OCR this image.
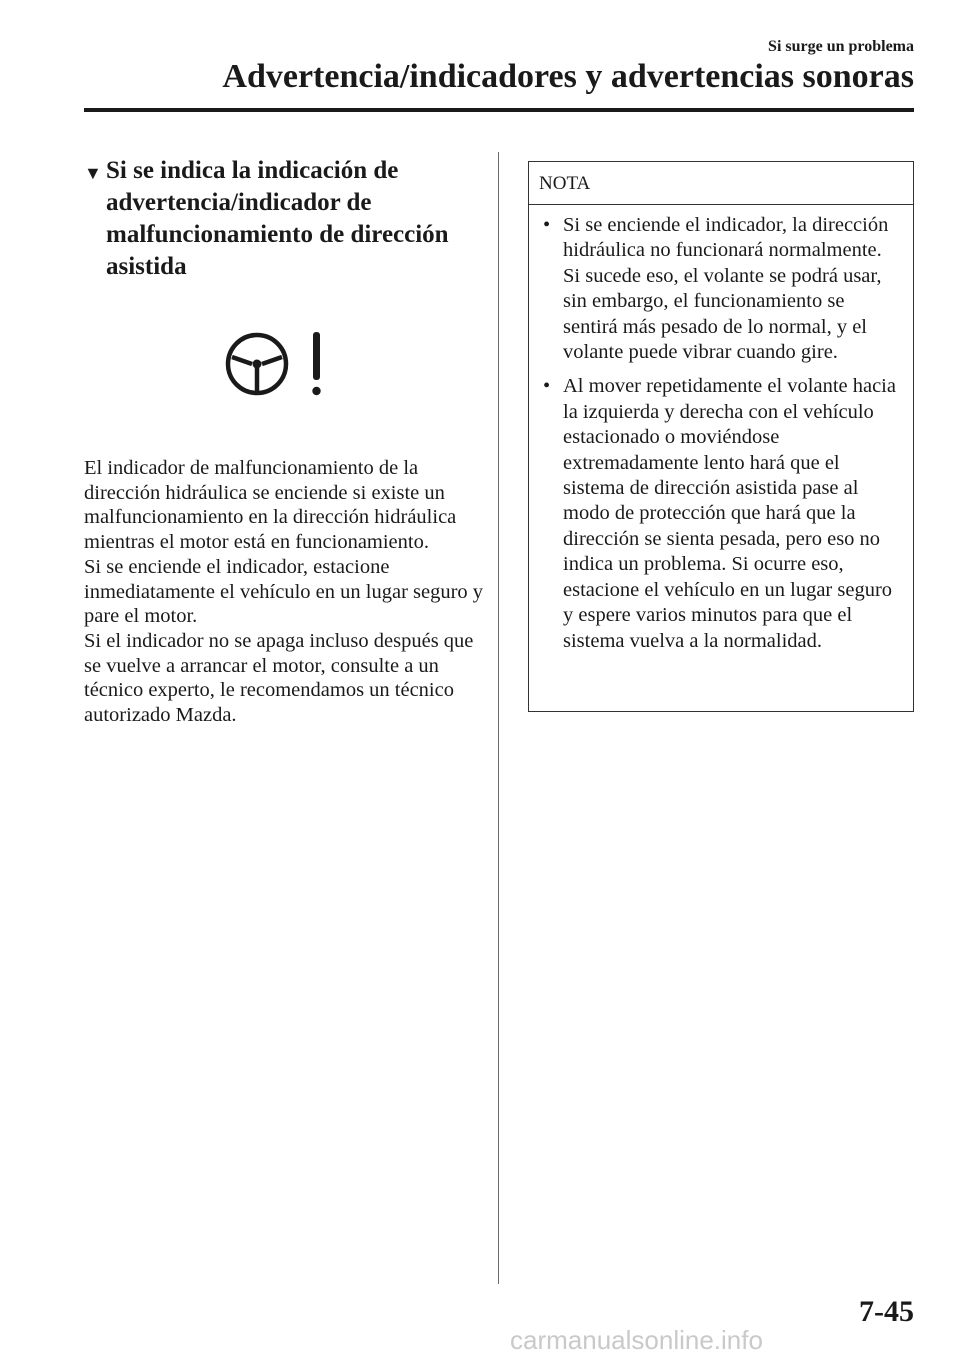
Si surge un problema
Advertencia/indicadores y advertencias sonoras
▼ Si se indica la indicación de advertencia/indicador de malfuncionamiento de dirección asistida

El indicador de malfuncionamiento de la dirección hidráulica se enciende si existe un malfuncionamiento en la dirección hidráulica mientras el motor está en funcionamiento.

Si se enciende el indicador, estacione inmediatamente el vehículo en un lugar seguro y pare el motor.

Si el indicador no se apaga incluso después que se vuelve a arrancar el motor, consulte a un técnico experto, le recomendamos un técnico autorizado Mazda.

NOTA
• Si se enciende el indicador, la dirección hidráulica no funcionará normalmente. Si sucede eso, el volante se podrá usar, sin embargo, el funcionamiento se sentirá más pesado de lo normal, y el volante puede vibrar cuando gire.
• Al mover repetidamente el volante hacia la izquierda y derecha con el vehículo estacionado o moviéndose extremadamente lento hará que el sistema de dirección asistida pase al modo de protección que hará que la dirección se sienta pesada, pero eso no indica un problema. Si ocurre eso, estacione el vehículo en un lugar seguro y espere varios minutos para que el sistema vuelva a la normalidad.
7-45
carmanualsonline.info
